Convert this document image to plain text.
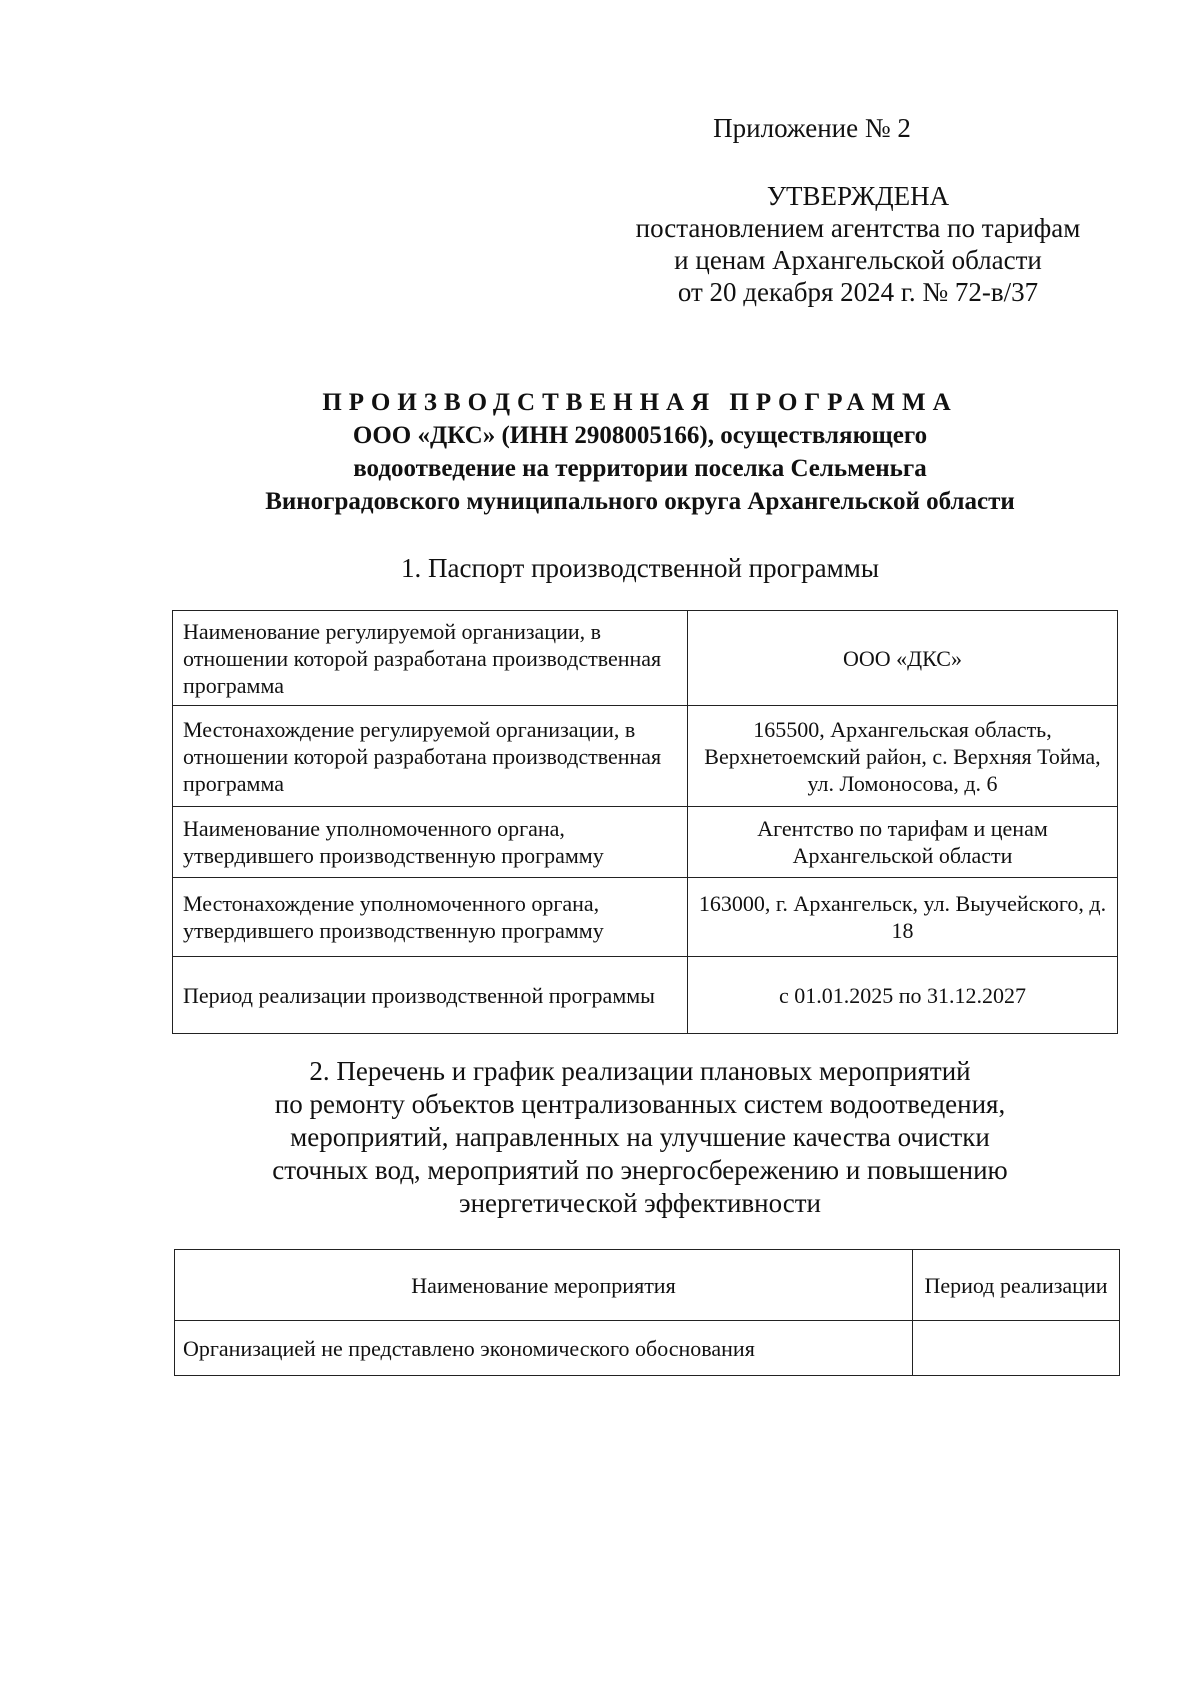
Приложение № 2
УТВЕРЖДЕНА
постановлением агентства по тарифам
и ценам Архангельской области
от 20 декабря 2024 г. № 72-в/37
ПРОИЗВОДСТВЕННАЯ ПРОГРАММА
ООО «ДКС» (ИНН 2908005166), осуществляющего
водоотведение на территории поселка Сельменьга
Виноградовского муниципального округа Архангельской области
1. Паспорт производственной программы
Наименование регулируемой организации, в отношении которой разработана производственная программа	ООО «ДКС»
Местонахождение регулируемой организации, в отношении которой разработана производственная программа	165500, Архангельская область, Верхнетоемский район, с. Верхняя Тойма, ул. Ломоносова, д. 6
Наименование уполномоченного органа, утвердившего производственную программу	Агентство по тарифам и ценам Архангельской области
Местонахождение уполномоченного органа, утвердившего производственную программу	163000, г. Архангельск, ул. Выучейского, д. 18
Период реализации производственной программы	с 01.01.2025 по 31.12.2027
2. Перечень и график реализации плановых мероприятий
по ремонту объектов централизованных систем водоотведения,
мероприятий, направленных на улучшение качества очистки
сточных вод, мероприятий по энергосбережению и повышению
энергетической эффективности
Наименование мероприятия	Период реализации
Организацией не представлено экономического обоснования	
